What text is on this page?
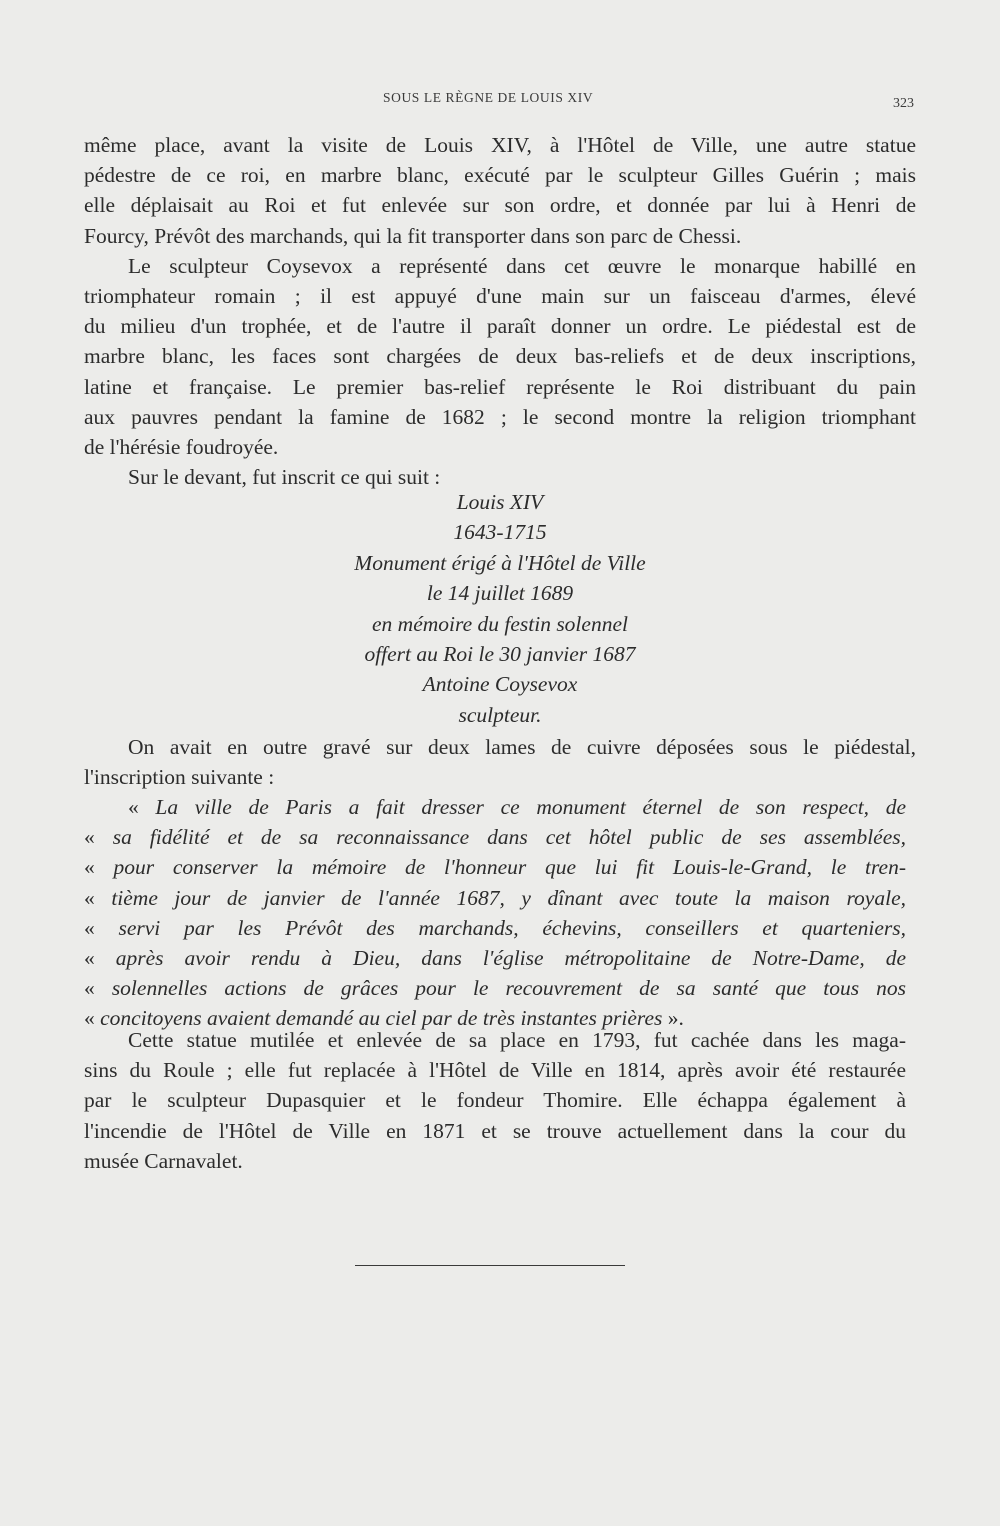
SOUS LE RÈGNE DE LOUIS XIV	323
même place, avant la visite de Louis XIV, à l'Hôtel de Ville, une autre statue
pédestre de ce roi, en marbre blanc, exécuté par le sculpteur Gilles Guérin ; mais
elle déplaisait au Roi et fut enlevée sur son ordre, et donnée par lui à Henri de
Fourcy, Prévôt des marchands, qui la fit transporter dans son parc de Chessi.
Le sculpteur Coysevox a représenté dans cet œuvre le monarque habillé en
triomphateur romain ; il est appuyé d'une main sur un faisceau d'armes, élevé
du milieu d'un trophée, et de l'autre il paraît donner un ordre. Le piédestal est de
marbre blanc, les faces sont chargées de deux bas-reliefs et de deux inscriptions,
latine et française. Le premier bas-relief représente le Roi distribuant du pain
aux pauvres pendant la famine de 1682 ; le second montre la religion triomphant
de l'hérésie foudroyée.
Sur le devant, fut inscrit ce qui suit :
Louis XIV
1643-1715
Monument érigé à l'Hôtel de Ville
le 14 juillet 1689
en mémoire du festin solennel
offert au Roi le 30 janvier 1687
Antoine Coysevox
sculpteur.
On avait en outre gravé sur deux lames de cuivre déposées sous le piédestal,
l'inscription suivante :
« La ville de Paris a fait dresser ce monument éternel de son respect, de
« sa fidélité et de sa reconnaissance dans cet hôtel public de ses assemblées,
« pour conserver la mémoire de l'honneur que lui fit Louis-le-Grand, le tren-
« tième jour de janvier de l'année 1687, y dînant avec toute la maison royale,
« servi par les Prévôt des marchands, échevins, conseillers et quarteniers,
« après avoir rendu à Dieu, dans l'église métropolitaine de Notre-Dame, de
« solennelles actions de grâces pour le recouvrement de sa santé que tous nos
« concitoyens avaient demandé au ciel par de très instantes prières ».
Cette statue mutilée et enlevée de sa place en 1793, fut cachée dans les maga-
sins du Roule ; elle fut replacée à l'Hôtel de Ville en 1814, après avoir été restaurée
par le sculpteur Dupasquier et le fondeur Thomire. Elle échappa également à
l'incendie de l'Hôtel de Ville en 1871 et se trouve actuellement dans la cour du
musée Carnavalet.
